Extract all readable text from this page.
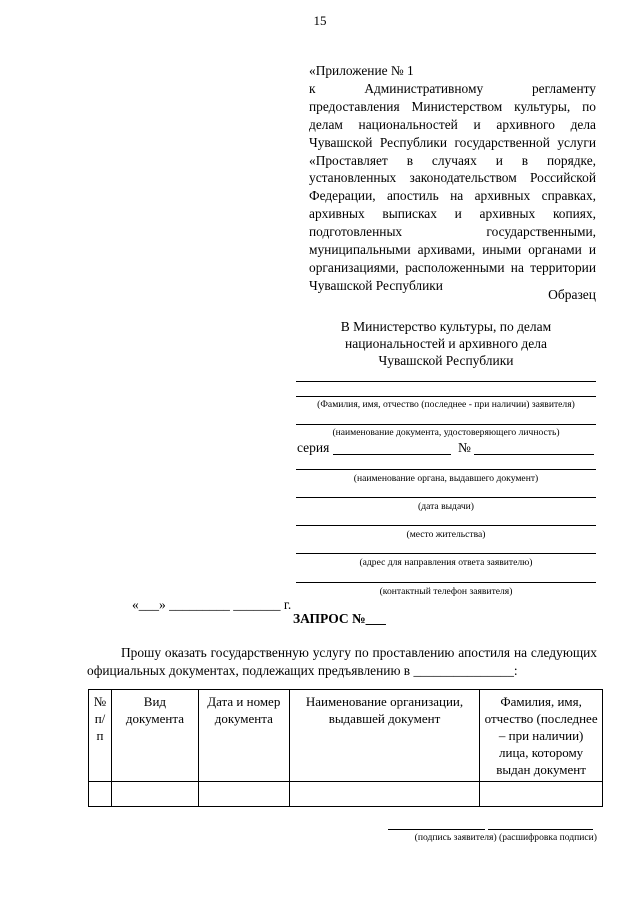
15
«Приложение № 1
к Административному регламенту предоставления Министерством культуры, по делам национальностей и архивного дела Чувашской Республики государственной услуги «Проставляет в случаях и в порядке, установленных законодательством Российской Федерации, апостиль на архивных справках, архивных выписках и архивных копиях, подготовленных государственными, муниципальными архивами, иными органами и организациями, расположенными на территории Чувашской Республики
Образец
В Министерство культуры, по делам
национальностей и архивного дела
Чувашской Республики
(Фамилия, имя, отчество (последнее - при наличии) заявителя)
(наименование документа, удостоверяющего личность)
серия	№
(наименование органа, выдавшего документ)
(дата выдачи)
(место жительства)
(адрес для направления ответа заявителю)
(контактный телефон заявителя)
«___» _________ _______ г.
ЗАПРОС №___
Прошу оказать государственную услугу по проставлению апостиля на следующих официальных документах, подлежащих предъявлению в _______________:
№ п/п	Вид документа	Дата и номер документа	Наименование организации, выдавшей документ	Фамилия, имя, отчество (последнее – при наличии) лица, которому выдан документ

(подпись заявителя) (расшифровка подписи)
